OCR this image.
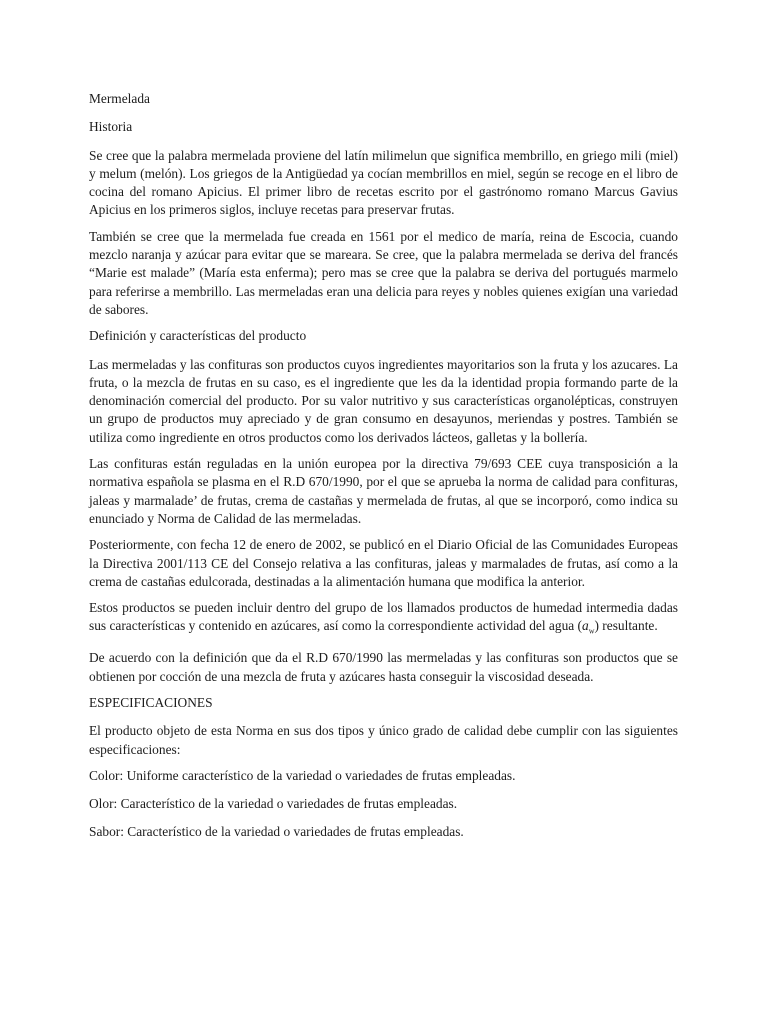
Mermelada

Historia

Se cree que la palabra mermelada proviene del latín milimelun que significa membrillo, en griego mili (miel) y melum (melón). Los griegos de la Antigüedad ya cocían membrillos en miel, según se recoge en el libro de cocina del romano Apicius. El primer libro de recetas escrito por el gastrónomo romano Marcus Gavius Apicius en los primeros siglos, incluye recetas para preservar frutas.

También se cree que la mermelada fue creada en 1561 por el medico de maría, reina de Escocia, cuando mezclo naranja y azúcar para evitar que se mareara. Se cree, que la palabra mermelada se deriva del francés “Marie est malade” (María esta enferma); pero mas se cree que la palabra se deriva del portugués marmelo para referirse a membrillo. Las mermeladas eran una delicia para reyes y nobles quienes exigían una variedad de sabores.

Definición y características del producto

Las mermeladas y las confituras son productos cuyos ingredientes mayoritarios son la fruta y los azucares. La fruta, o la mezcla de frutas en su caso, es el ingrediente que les da la identidad propia formando parte de la denominación comercial del producto. Por su valor nutritivo y sus características organolépticas, construyen un grupo de productos muy apreciado y de gran consumo en desayunos, meriendas y postres. También se utiliza como ingrediente en otros productos como los derivados lácteos, galletas y la bollería.

Las confituras están reguladas en la unión europea por la directiva 79/693 CEE cuya transposición a la normativa española se plasma en el R.D 670/1990, por el que se aprueba la norma de calidad para confituras, jaleas y marmalade’ de frutas, crema de castañas y mermelada de frutas, al que se incorporó, como indica su enunciado y Norma de Calidad de las mermeladas.

Posteriormente, con fecha 12 de enero de 2002, se publicó en el Diario Oficial de las Comunidades Europeas la Directiva 2001/113 CE del Consejo relativa a las confituras, jaleas y marmalades de frutas, así como a la crema de castañas edulcorada, destinadas a la alimentación humana que modifica la anterior.

Estos productos se pueden incluir dentro del grupo de los llamados productos de humedad intermedia dadas sus características y contenido en azúcares, así como la correspondiente actividad del agua $(a_w)$ resultante.

De acuerdo con la definición que da el R.D 670/1990 las mermeladas y las confituras son productos que se obtienen por cocción de una mezcla de fruta y azúcares hasta conseguir la viscosidad deseada.

ESPECIFICACIONES

El producto objeto de esta Norma en sus dos tipos y único grado de calidad debe cumplir con las siguientes especificaciones:

Color: Uniforme característico de la variedad o variedades de frutas empleadas.

Olor: Característico de la variedad o variedades de frutas empleadas.

Sabor: Característico de la variedad o variedades de frutas empleadas.
